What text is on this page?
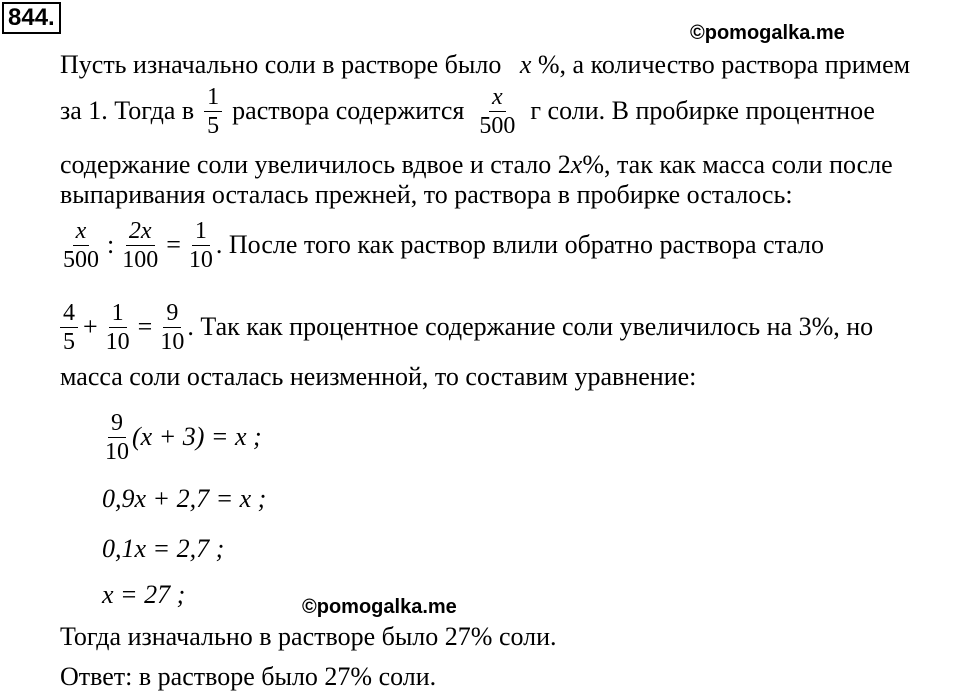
844.
©pomogalka.me
Пусть изначально соли в растворе было x %, а количество раствора примем
за 1. Тогда в $\frac{1}{5}$ раствора содержится $\frac{x}{500}$ г соли. В пробирке процентное
содержание соли увеличилось вдвое и стало 2x%, так как масса соли после
выпаривания осталась прежней, то раствора в пробирке осталось:
$\frac{x}{500}$ : $\frac{2x}{100} = \frac{1}{10}$ . После того как раствор влили обратно раствора стало
$\frac{4}{5} + \frac{1}{10} = \frac{9}{10}$ . Так как процентное содержание соли увеличилось на 3%, но
масса соли осталась неизменной, то составим уравнение:
$\frac{9}{10} (x + 3) = x$ ;
0,9x + 2,7 = x ;
0,1x = 2,7 ;
x = 27 ;	©pomogalka.me
Тогда изначально в растворе было 27% соли.
Ответ: в растворе было 27% соли.
